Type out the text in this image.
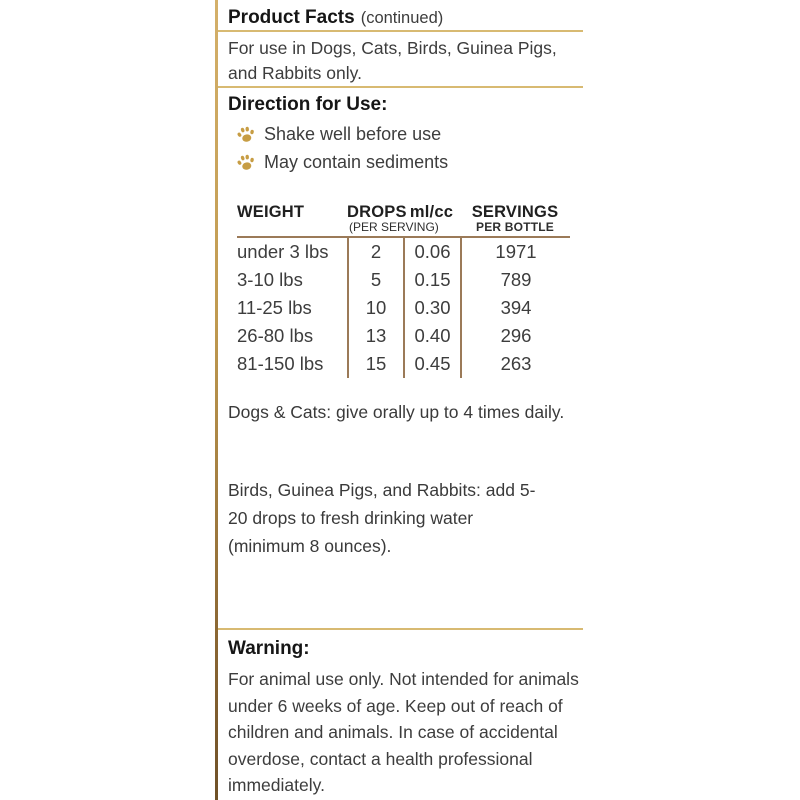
Product Facts (continued)
For use in Dogs, Cats, Birds, Guinea Pigs, and Rabbits only.
Direction for Use:
Shake well before use
May contain sediments
WEIGHT	DROPS ml/cc	SERVINGS
(PER SERVING)	PER BOTTLE
under 3 lbs	2	0.06	1971
3-10 lbs	5	0.15	789
11-25 lbs	10	0.30	394
26-80 lbs	13	0.40	296
81-150 lbs	15	0.45	263
Dogs & Cats: give orally up to 4 times daily.
Birds, Guinea Pigs, and Rabbits: add 5-20 drops to fresh drinking water (minimum 8 ounces).
Warning:
For animal use only. Not intended for animals under 6 weeks of age. Keep out of reach of children and animals. In case of accidental overdose, contact a health professional immediately.
